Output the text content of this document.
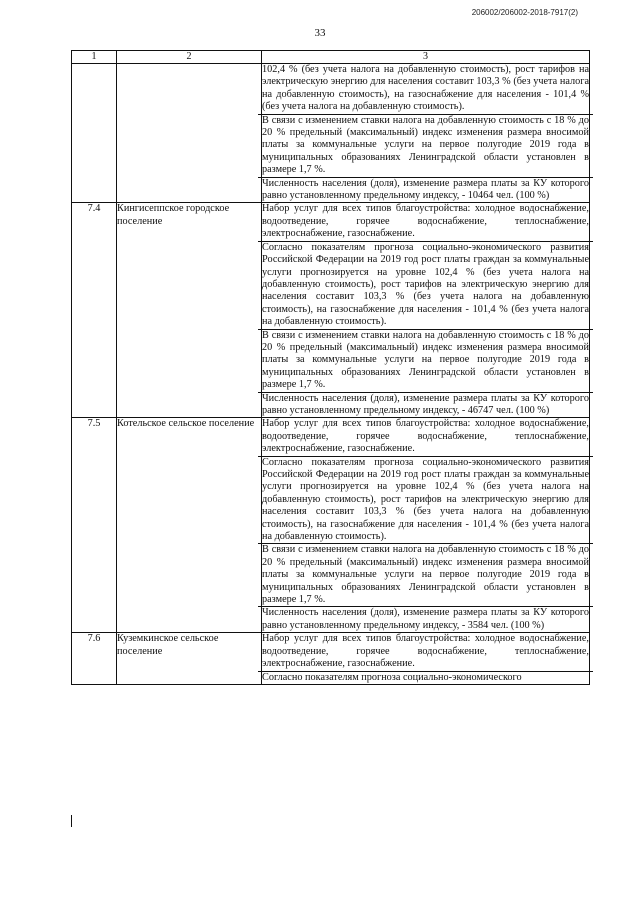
206002/206002-2018-7917(2)
33
1	2	3

		102,4 % (без учета налога на добавленную стоимость), рост тарифов на электрическую энергию для населения составит 103,3 % (без учета налога на добавленную стоимость), на газоснабжение для населения - 101,4 % (без учета налога на добавленную стоимость).
В связи с изменением ставки налога на добавленную стоимость с 18 % до 20 % предельный (максимальный) индекс изменения размера вносимой платы за коммунальные услуги на первое полугодие 2019 года в муниципальных образованиях Ленинградской области установлен в размере 1,7 %.
Численность населения (доля), изменение размера платы за КУ которого равно установленному предельному индексу, - 10464 чел. (100 %)

7.4	Кингисеппское городское поселение	Набор услуг для всех типов благоустройства: холодное водоснабжение, водоотведение, горячее водоснабжение, теплоснабжение, электроснабжение, газоснабжение.
Согласно показателям прогноза социально-экономического развития Российской Федерации на 2019 год рост платы граждан за коммунальные услуги прогнозируется на уровне 102,4 % (без учета налога на добавленную стоимость), рост тарифов на электрическую энергию для населения составит 103,3 % (без учета налога на добавленную стоимость), на газоснабжение для населения - 101,4 % (без учета налога на добавленную стоимость).
В связи с изменением ставки налога на добавленную стоимость с 18 % до 20 % предельный (максимальный) индекс изменения размера вносимой платы за коммунальные услуги на первое полугодие 2019 года в муниципальных образованиях Ленинградской области установлен в размере 1,7 %.
Численность населения (доля), изменение размера платы за КУ которого равно установленному предельному индексу, - 46747 чел. (100 %)

7.5	Котельское сельское поселение	Набор услуг для всех типов благоустройства: холодное водоснабжение, водоотведение, горячее водоснабжение, теплоснабжение, электроснабжение, газоснабжение.
Согласно показателям прогноза социально-экономического развития Российской Федерации на 2019 год рост платы граждан за коммунальные услуги прогнозируется на уровне 102,4 % (без учета налога на добавленную стоимость), рост тарифов на электрическую энергию для населения составит 103,3 % (без учета налога на добавленную стоимость), на газоснабжение для населения - 101,4 % (без учета налога на добавленную стоимость).
В связи с изменением ставки налога на добавленную стоимость с 18 % до 20 % предельный (максимальный) индекс изменения размера вносимой платы за коммунальные услуги на первое полугодие 2019 года в муниципальных образованиях Ленинградской области установлен в размере 1,7 %.
Численность населения (доля), изменение размера платы за КУ которого равно установленному предельному индексу, - 3584 чел. (100 %)

7.6	Куземкинское сельское поселение	Набор услуг для всех типов благоустройства: холодное водоснабжение, водоотведение, горячее водоснабжение, теплоснабжение, электроснабжение, газоснабжение.
Согласно показателям прогноза социально-экономического
